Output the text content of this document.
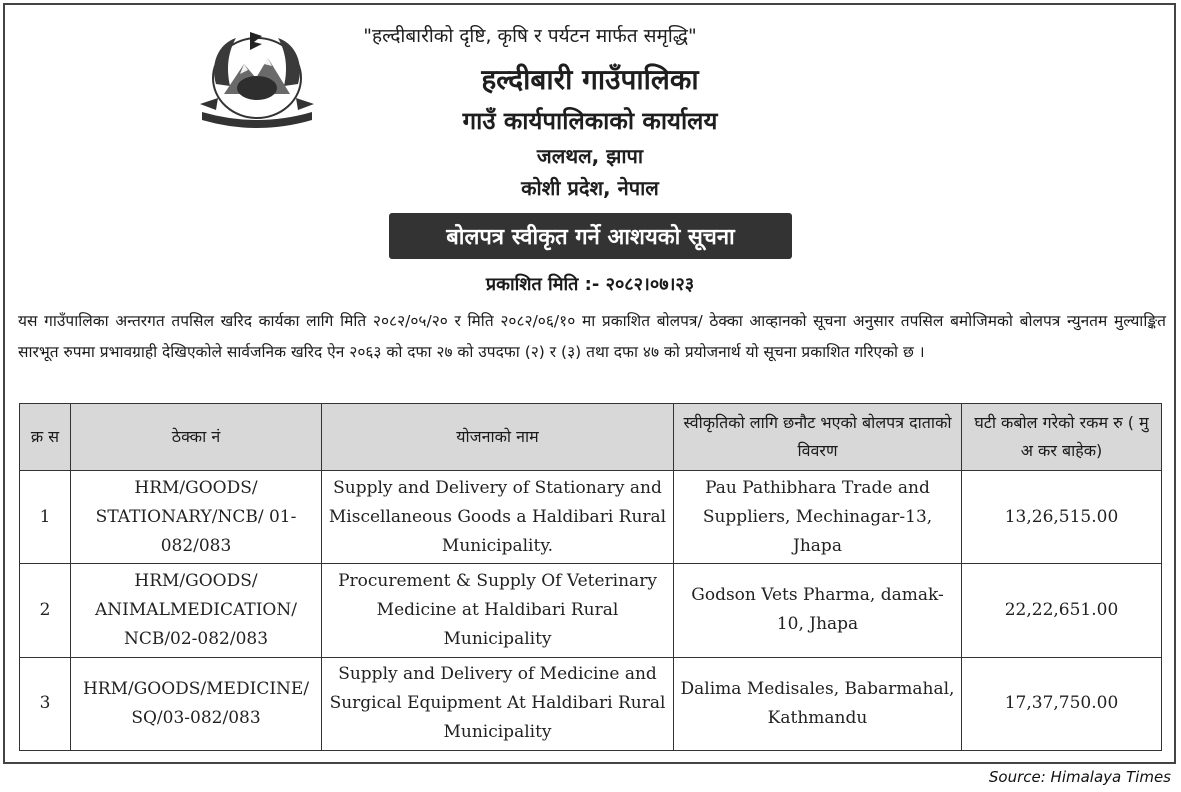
"हल्दीबारीको दृष्टि, कृषि र पर्यटन मार्फत समृद्धि"
हल्दीबारी गाउँपालिका
गाउँ कार्यपालिकाको कार्यालय
जलथल, झापा
कोशी प्रदेश, नेपाल
बोलपत्र स्वीकृत गर्ने आशयको सूचना
प्रकाशित मिति :- २०८२।०७।२३
यस गाउँपालिका अन्तरगत तपसिल खरिद कार्यका लागि मिति २०८२/०५/२० र मिति २०८२/०६/१० मा प्रकाशित बोलपत्र/ ठेक्का आव्हानको सूचना अनुसार तपसिल बमोजिमको बोलपत्र न्युनतम मुल्याङ्कित सारभूत रुपमा प्रभावग्राही देखिएकोले सार्वजनिक खरिद ऐन २०६३ को दफा २७ को उपदफा (२) र (३) तथा दफा ४७ को प्रयोजनार्थ यो सूचना प्रकाशित गरिएको छ ।
क्र स	ठेक्का नं	योजनाको नाम	स्वीकृतिको लागि छनौट भएको बोलपत्र दाताको विवरण	घटी कबोल गरेको रकम रु ( मु अ कर बाहेक)
1	HRM/GOODS/ STATIONARY/NCB/ 01-082/083	Supply and Delivery of Stationary and Miscellaneous Goods a Haldibari Rural Municipality.	Pau Pathibhara Trade and Suppliers, Mechinagar-13, Jhapa	13,26,515.00
2	HRM/GOODS/ ANIMALMEDICATION/ NCB/02-082/083	Procurement & Supply Of Veterinary Medicine at Haldibari Rural Municipality	Godson Vets Pharma, damak-10, Jhapa	22,22,651.00
3	HRM/GOODS/MEDICINE/ SQ/03-082/083	Supply and Delivery of Medicine and Surgical Equipment At Haldibari Rural Municipality	Dalima Medisales, Babarmahal, Kathmandu	17,37,750.00
Source: Himalaya Times
